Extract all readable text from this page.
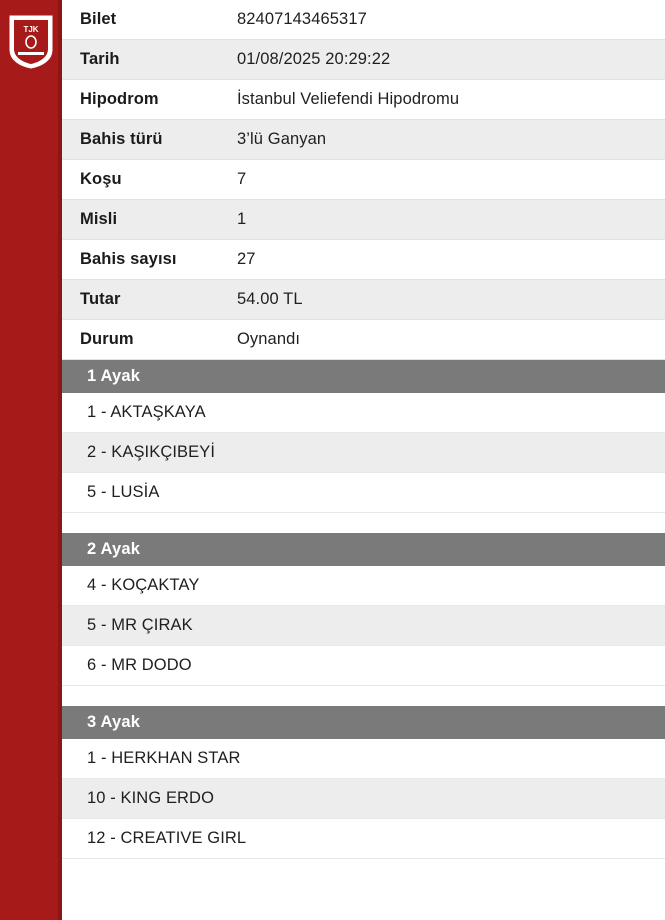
TJK
Bilet	82407143465317
Tarih	01/08/2025 20:29:22
Hipodrom	İstanbul Veliefendi Hipodromu
Bahis türü	3’lü Ganyan
Koşu	7
Misli	1
Bahis sayısı	27
Tutar	54.00 TL
Durum	Oynandı
1 Ayak
1 - AKTAŞKAYA
2 - KAŞIKÇIBEYİ
5 - LUSİA
2 Ayak
4 - KOÇAKTAY
5 - MR ÇIRAK
6 - MR DODO
3 Ayak
1 - HERKHAN STAR
10 - KING ERDO
12 - CREATIVE GIRL
